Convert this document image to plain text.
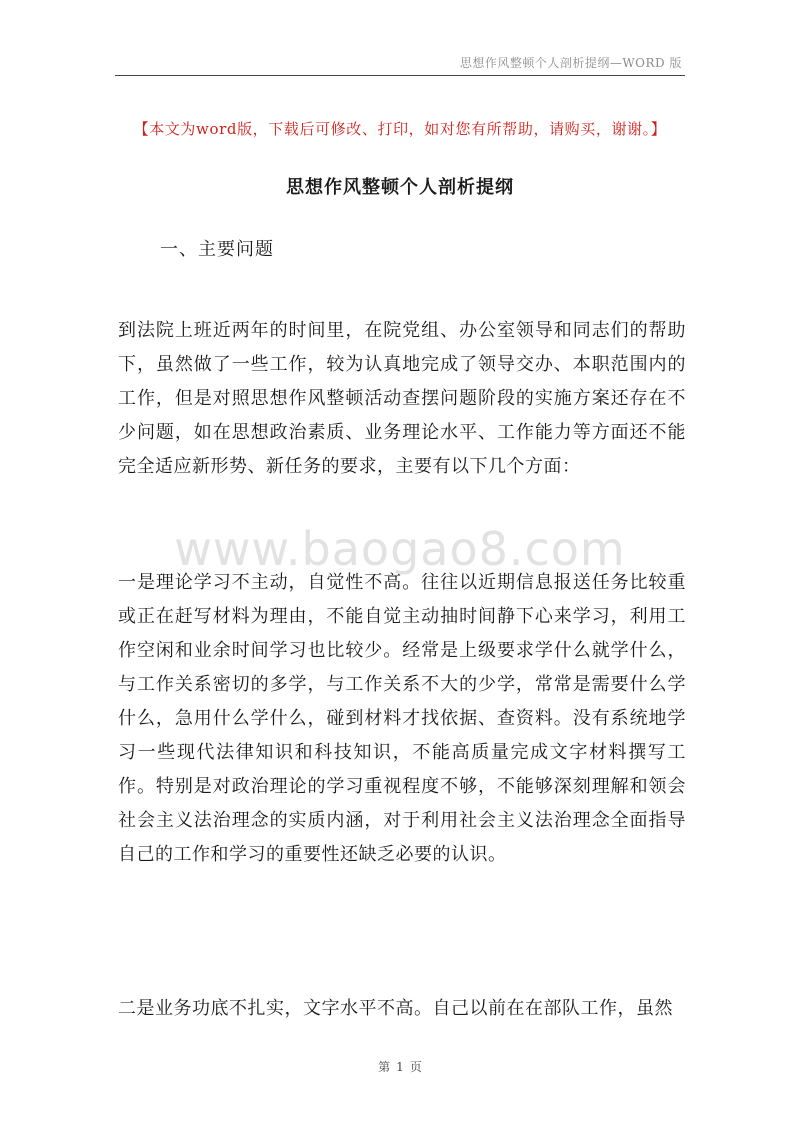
思想作风整顿个人剖析提纲—WORD 版
【本文为word版，下载后可修改、打印，如对您有所帮助，请购买，谢谢。】
思想作风整顿个人剖析提纲
一、主要问题

到法院上班近两年的时间里，在院党组、办公室领导和同志们的帮助下，虽然做了一些工作，较为认真地完成了领导交办、本职范围内的工作，但是对照思想作风整顿活动查摆问题阶段的实施方案还存在不少问题，如在思想政治素质、业务理论水平、工作能力等方面还不能完全适应新形势、新任务的要求，主要有以下几个方面：

www.baogao8.com

一是理论学习不主动，自觉性不高。往往以近期信息报送任务比较重或正在赶写材料为理由，不能自觉主动抽时间静下心来学习，利用工作空闲和业余时间学习也比较少。经常是上级要求学什么就学什么，与工作关系密切的多学，与工作关系不大的少学，常常是需要什么学什么，急用什么学什么，碰到材料才找依据、查资料。没有系统地学习一些现代法律知识和科技知识，不能高质量完成文字材料撰写工作。特别是对政治理论的学习重视程度不够，不能够深刻理解和领会社会主义法治理念的实质内涵，对于利用社会主义法治理念全面指导自己的工作和学习的重要性还缺乏必要的认识。

二是业务功底不扎实，文字水平不高。自己以前在在部队工作，虽然

第 1 页
